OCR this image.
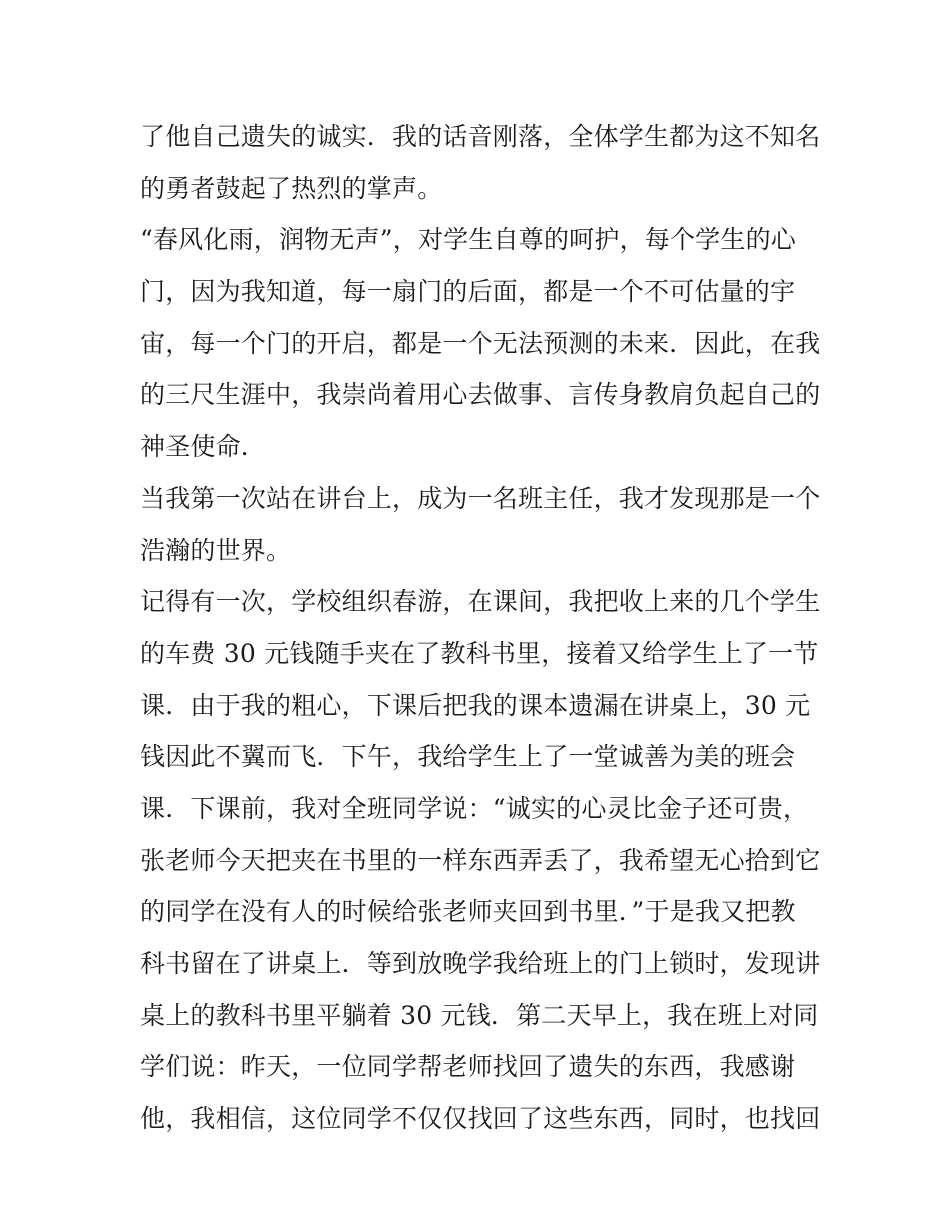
了他自己遗失的诚实．我的话音刚落，全体学生都为这不知名
的勇者鼓起了热烈的掌声。
“春风化雨，润物无声”，对学生自尊的呵护，每个学生的心
门，因为我知道，每一扇门的后面，都是一个不可估量的宇
宙，每一个门的开启，都是一个无法预测的未来．因此，在我
的三尺生涯中，我崇尚着用心去做事、言传身教肩负起自己的
神圣使命．
当我第一次站在讲台上，成为一名班主任，我才发现那是一个
浩瀚的世界。
记得有一次，学校组织春游，在课间，我把收上来的几个学生
的车费 30 元钱随手夹在了教科书里，接着又给学生上了一节
课．由于我的粗心，下课后把我的课本遗漏在讲桌上，30 元
钱因此不翼而飞．下午，我给学生上了一堂诚善为美的班会
课．下课前，我对全班同学说：“诚实的心灵比金子还可贵，
张老师今天把夹在书里的一样东西弄丢了，我希望无心拾到它
的同学在没有人的时候给张老师夹回到书里．”于是我又把教
科书留在了讲桌上．等到放晚学我给班上的门上锁时，发现讲
桌上的教科书里平躺着 30 元钱．第二天早上，我在班上对同
学们说：昨天，一位同学帮老师找回了遗失的东西，我感谢
他，我相信，这位同学不仅仅找回了这些东西，同时，也找回
